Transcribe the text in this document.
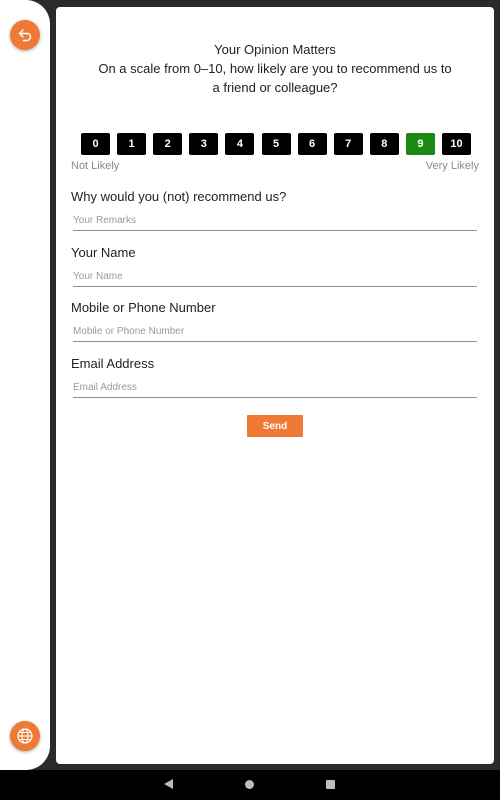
Your Opinion Matters
On a scale from 0–10, how likely are you to recommend us to a friend or colleague?
0	1	2	3	4	5	6	7	8	9	10
Not Likely	Very Likely
Why would you (not) recommend us?
Your Remarks
Your Name
Your Name
Mobile or Phone Number
Mobile or Phone Number
Email Address
Email Address
Send
